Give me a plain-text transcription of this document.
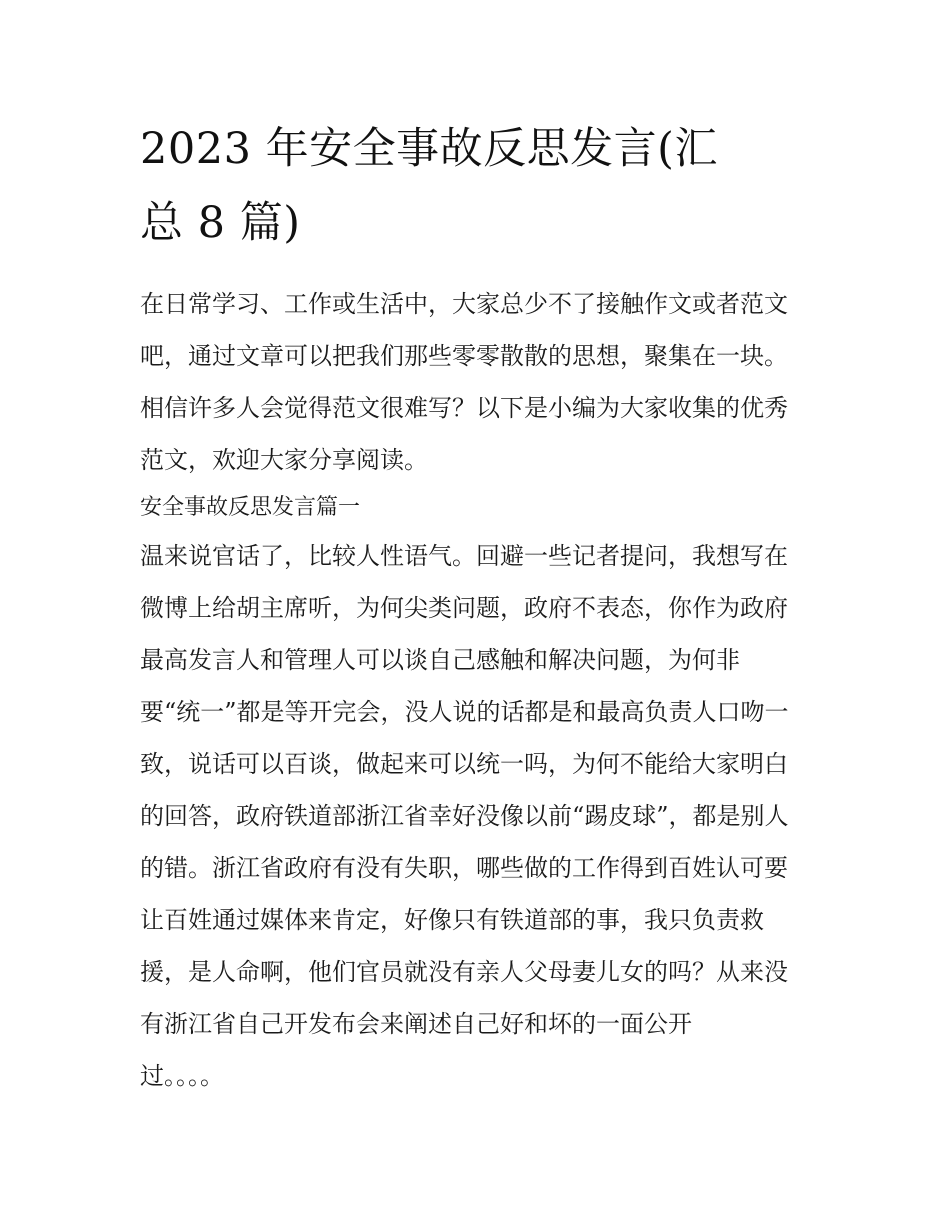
2023 年安全事故反思发言(汇
总 8 篇)
在日常学习、工作或生活中，大家总少不了接触作文或者范文
吧，通过文章可以把我们那些零零散散的思想，聚集在一块。
相信许多人会觉得范文很难写？以下是小编为大家收集的优秀
范文，欢迎大家分享阅读。
安全事故反思发言篇一
温来说官话了，比较人性语气。回避一些记者提问，我想写在
微博上给胡主席听，为何尖类问题，政府不表态，你作为政府
最高发言人和管理人可以谈自己感触和解决问题，为何非
要“统一”都是等开完会，没人说的话都是和最高负责人口吻一
致，说话可以百谈，做起来可以统一吗，为何不能给大家明白
的回答，政府铁道部浙江省幸好没像以前“踢皮球”，都是别人
的错。浙江省政府有没有失职，哪些做的工作得到百姓认可要
让百姓通过媒体来肯定，好像只有铁道部的事，我只负责救
援，是人命啊，他们官员就没有亲人父母妻儿女的吗？从来没
有浙江省自己开发布会来阐述自己好和坏的一面公开
过。。。。
